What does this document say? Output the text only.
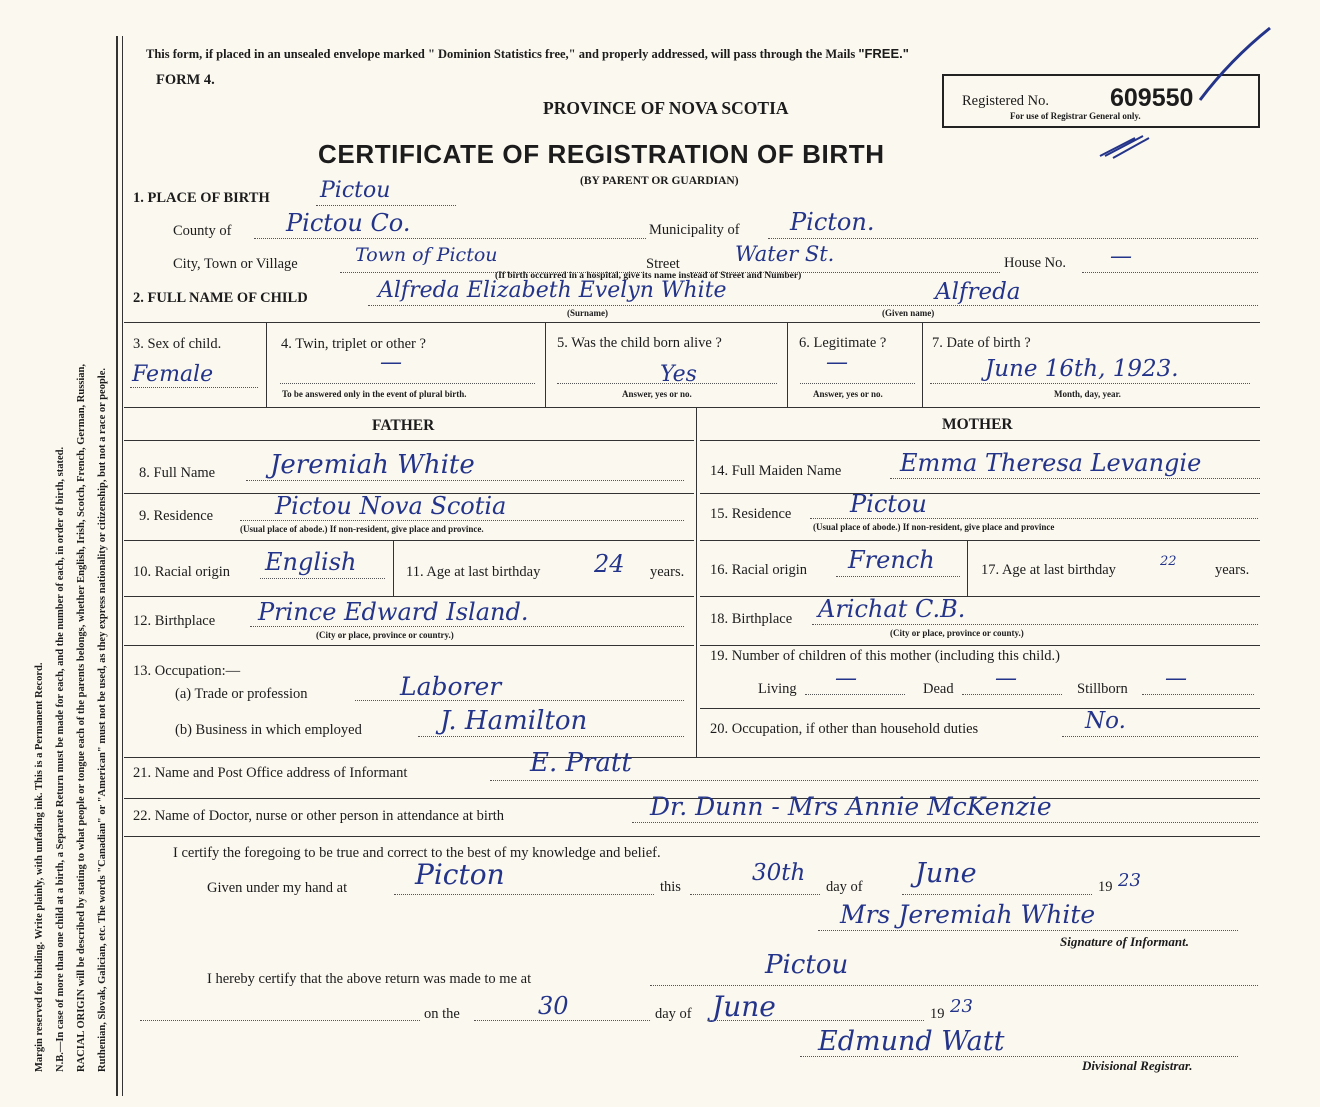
Margin reserved for binding. Write plainly, with unfading ink. This is a Permanent Record. N.B.—In case of more than one child at a birth, a Separate Return must be made for each, and the number of each, in order of birth, stated. RACIAL ORIGIN will be described by stating to what people or tongue each of the parents belongs, whether English, Irish, Scotch, French, German, Russian, Ruthenian, Slovak, Galician, etc. The words "Canadian" or "American" must not be used, as they express nationality or citizenship, but not a race or people.
This form, if placed in an unsealed envelope marked " Dominion Statistics free," and properly addressed, will pass through the Mails "FREE."
FORM 4.
PROVINCE OF NOVA SCOTIA
CERTIFICATE OF REGISTRATION OF BIRTH
(BY PARENT OR GUARDIAN)
Registered No. 609550
For use of Registrar General only.
1. PLACE OF BIRTH Pictou
County of Pictou Co.	Municipality of Picton.
City, Town or Village	Town of Pictou	Street	Water St.
(If birth occurred in a hospital, give its name instead of Street and Number)
House No. —
2. FULL NAME OF CHILD	Alfreda Elizabeth Evelyn White	Alfreda
(Surname)	(Given name)
3. Sex of child.
Female
4. Twin, triplet or other ?
—
To be answered only in the event of plural birth.
5. Was the child born alive ?
Yes
Answer, yes or no.
6. Legitimate ?
—
Answer, yes or no.
7. Date of birth ?
June 16th, 1923.
Month, day, year.
FATHER	MOTHER
8. Full Name Jeremiah White
9. Residence	Pictou Nova Scotia
(Usual place of abode.) If non-resident, give place and province.
10. Racial origin English	11. Age at last birthday 24 years.
12. Birthplace Prince Edward Island.
(City or place, province or country.)
13. Occupation:—
(a) Trade or profession	Laborer
(b) Business in which employed	J. Hamilton
14. Full Maiden Name Emma Theresa Levangie
15. Residence Pictou
(Usual place of abode.) If non-resident, give place and province
16. Racial origin French	17. Age at last birthday
22
years.
18. Birthplace Arichat C.B.
(City or place, province or county.)
19. Number of children of this mother (including this child.)
Living —	Dead —	Stillborn —
20. Occupation, if other than household duties	No.
21. Name and Post Office address of Informant	E. Pratt
22. Name of Doctor, nurse or other person in attendance at birth	Dr. Dunn - Mrs Annie McKenzie
I certify the foregoing to be true and correct to the best of my knowledge and belief.
Given under my hand at Picton	this
30th
day of June	19 23
Mrs Jeremiah White
Signature of Informant.
I hereby certify that the above return was made to me at	Pictou
on the	30	day of June	19 23
Edmund Watt
Divisional Registrar.
